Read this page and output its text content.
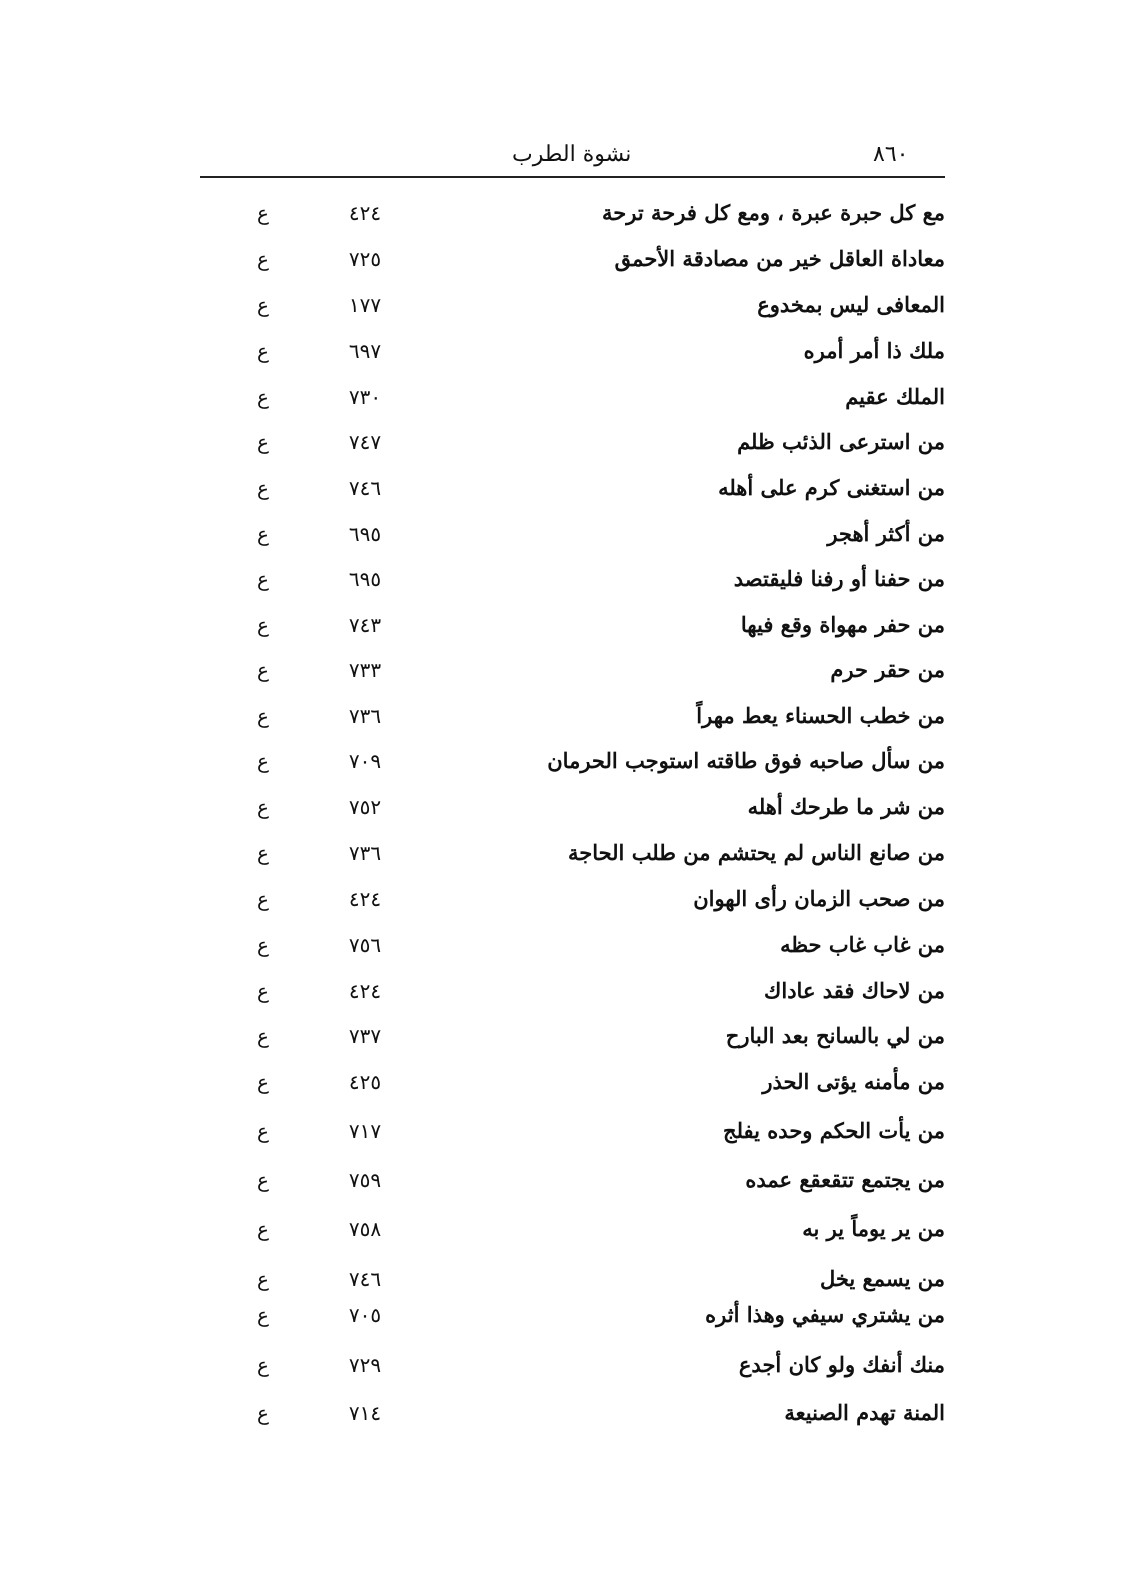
٨٦٠
نشوة الطرب
مع كل حبرة عبرة ، ومع كل فرحة ترحة
٤٢٤
ع
معاداة العاقل خير من مصادقة الأحمق
٧٢٥
ع
المعافى ليس بمخدوع
١٧٧
ع
ملك ذا أمر أمره
٦٩٧
ع
الملك عقيم
٧٣٠
ع
من استرعى الذئب ظلم
٧٤٧
ع
من استغنى كرم على أهله
٧٤٦
ع
من أكثر أهجر
٦٩٥
ع
من حفنا أو رفنا فليقتصد
٦٩٥
ع
من حفر مهواة وقع فيها
٧٤٣
ع
من حقر حرم
٧٣٣
ع
من خطب الحسناء يعط مهراً
٧٣٦
ع
من سأل صاحبه فوق طاقته استوجب الحرمان
٧٠٩
ع
من شر ما طرحك أهله
٧٥٢
ع
من صانع الناس لم يحتشم من طلب الحاجة
٧٣٦
ع
من صحب الزمان رأى الهوان
٤٢٤
ع
من غاب غاب حظه
٧٥٦
ع
من لاحاك فقد عاداك
٤٢٤
ع
من لي بالسانح بعد البارح
٧٣٧
ع
من مأمنه يؤتى الحذر
٤٢٥
ع
من يأت الحكم وحده يفلج
٧١٧
ع
من يجتمع تتقعقع عمده
٧٥٩
ع
من ير يوماً ير به
٧٥٨
ع
من يسمع يخل
٧٤٦
ع
من يشتري سيفي وهذا أثره
٧٠٥
ع
منك أنفك ولو كان أجدع
٧٢٩
ع
المنة تهدم الصنيعة
٧١٤
ع
